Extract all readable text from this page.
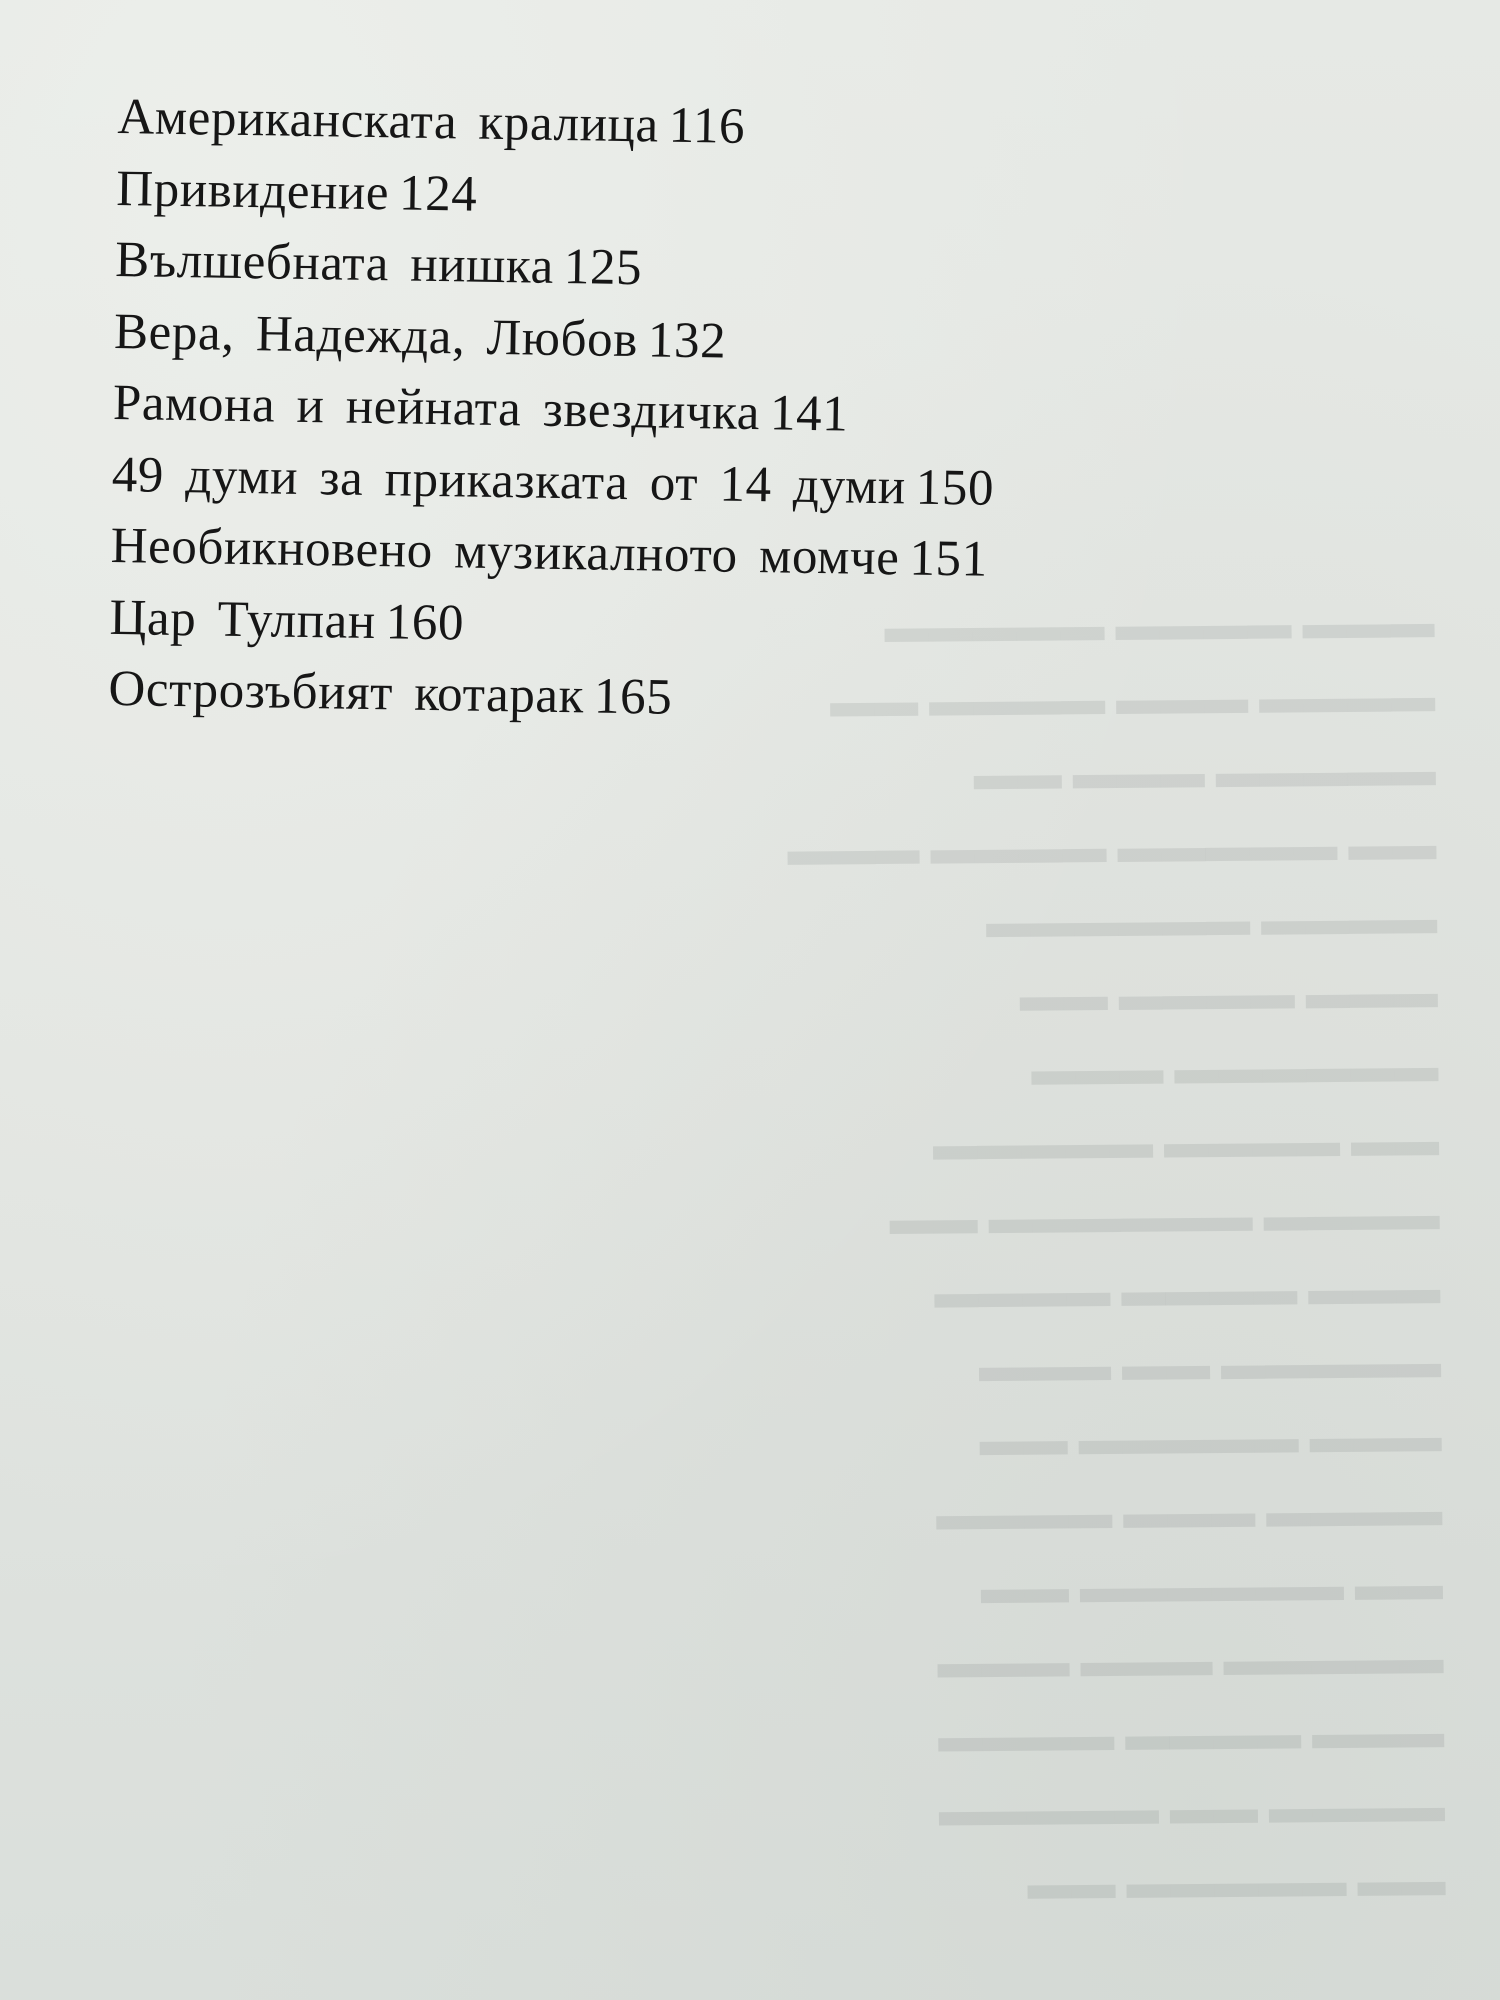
▬▬▬ ▬▬▬▬ ▬▬▬▬▬
▬▬▬▬ ▬▬▬ ▬▬▬▬ ▬▬
▬▬▬▬▬ ▬▬▬ ▬▬
▬▬ ▬▬▬▬▬ ▬▬▬▬ ▬▬▬
▬▬▬▬ ▬▬▬▬▬▬
▬▬▬ ▬▬▬▬ ▬▬
▬▬▬▬▬▬ ▬▬▬
▬▬ ▬▬▬▬ ▬▬▬▬▬
▬▬▬▬ ▬▬▬▬▬▬ ▬▬
▬▬▬ ▬▬▬▬ ▬▬▬▬
▬▬▬▬▬ ▬▬ ▬▬▬
▬▬▬ ▬▬▬▬▬ ▬▬
▬▬▬▬ ▬▬▬ ▬▬▬▬
▬▬ ▬▬▬▬▬▬ ▬▬
▬▬▬▬▬ ▬▬▬ ▬▬▬
▬▬▬ ▬▬▬▬ ▬▬▬▬
▬▬▬▬ ▬▬ ▬▬▬▬▬
▬▬ ▬▬▬▬▬ ▬▬
Американската кралица 116
Привидение 124
Вълшебната нишка 125
Вера, Надежда, Любов 132
Рамона и нейната звездичка 141
49 думи за приказката от 14 думи 150
Необикновено музикалното момче 151
Цар Тулпан 160
Острозъбият котарак 165
